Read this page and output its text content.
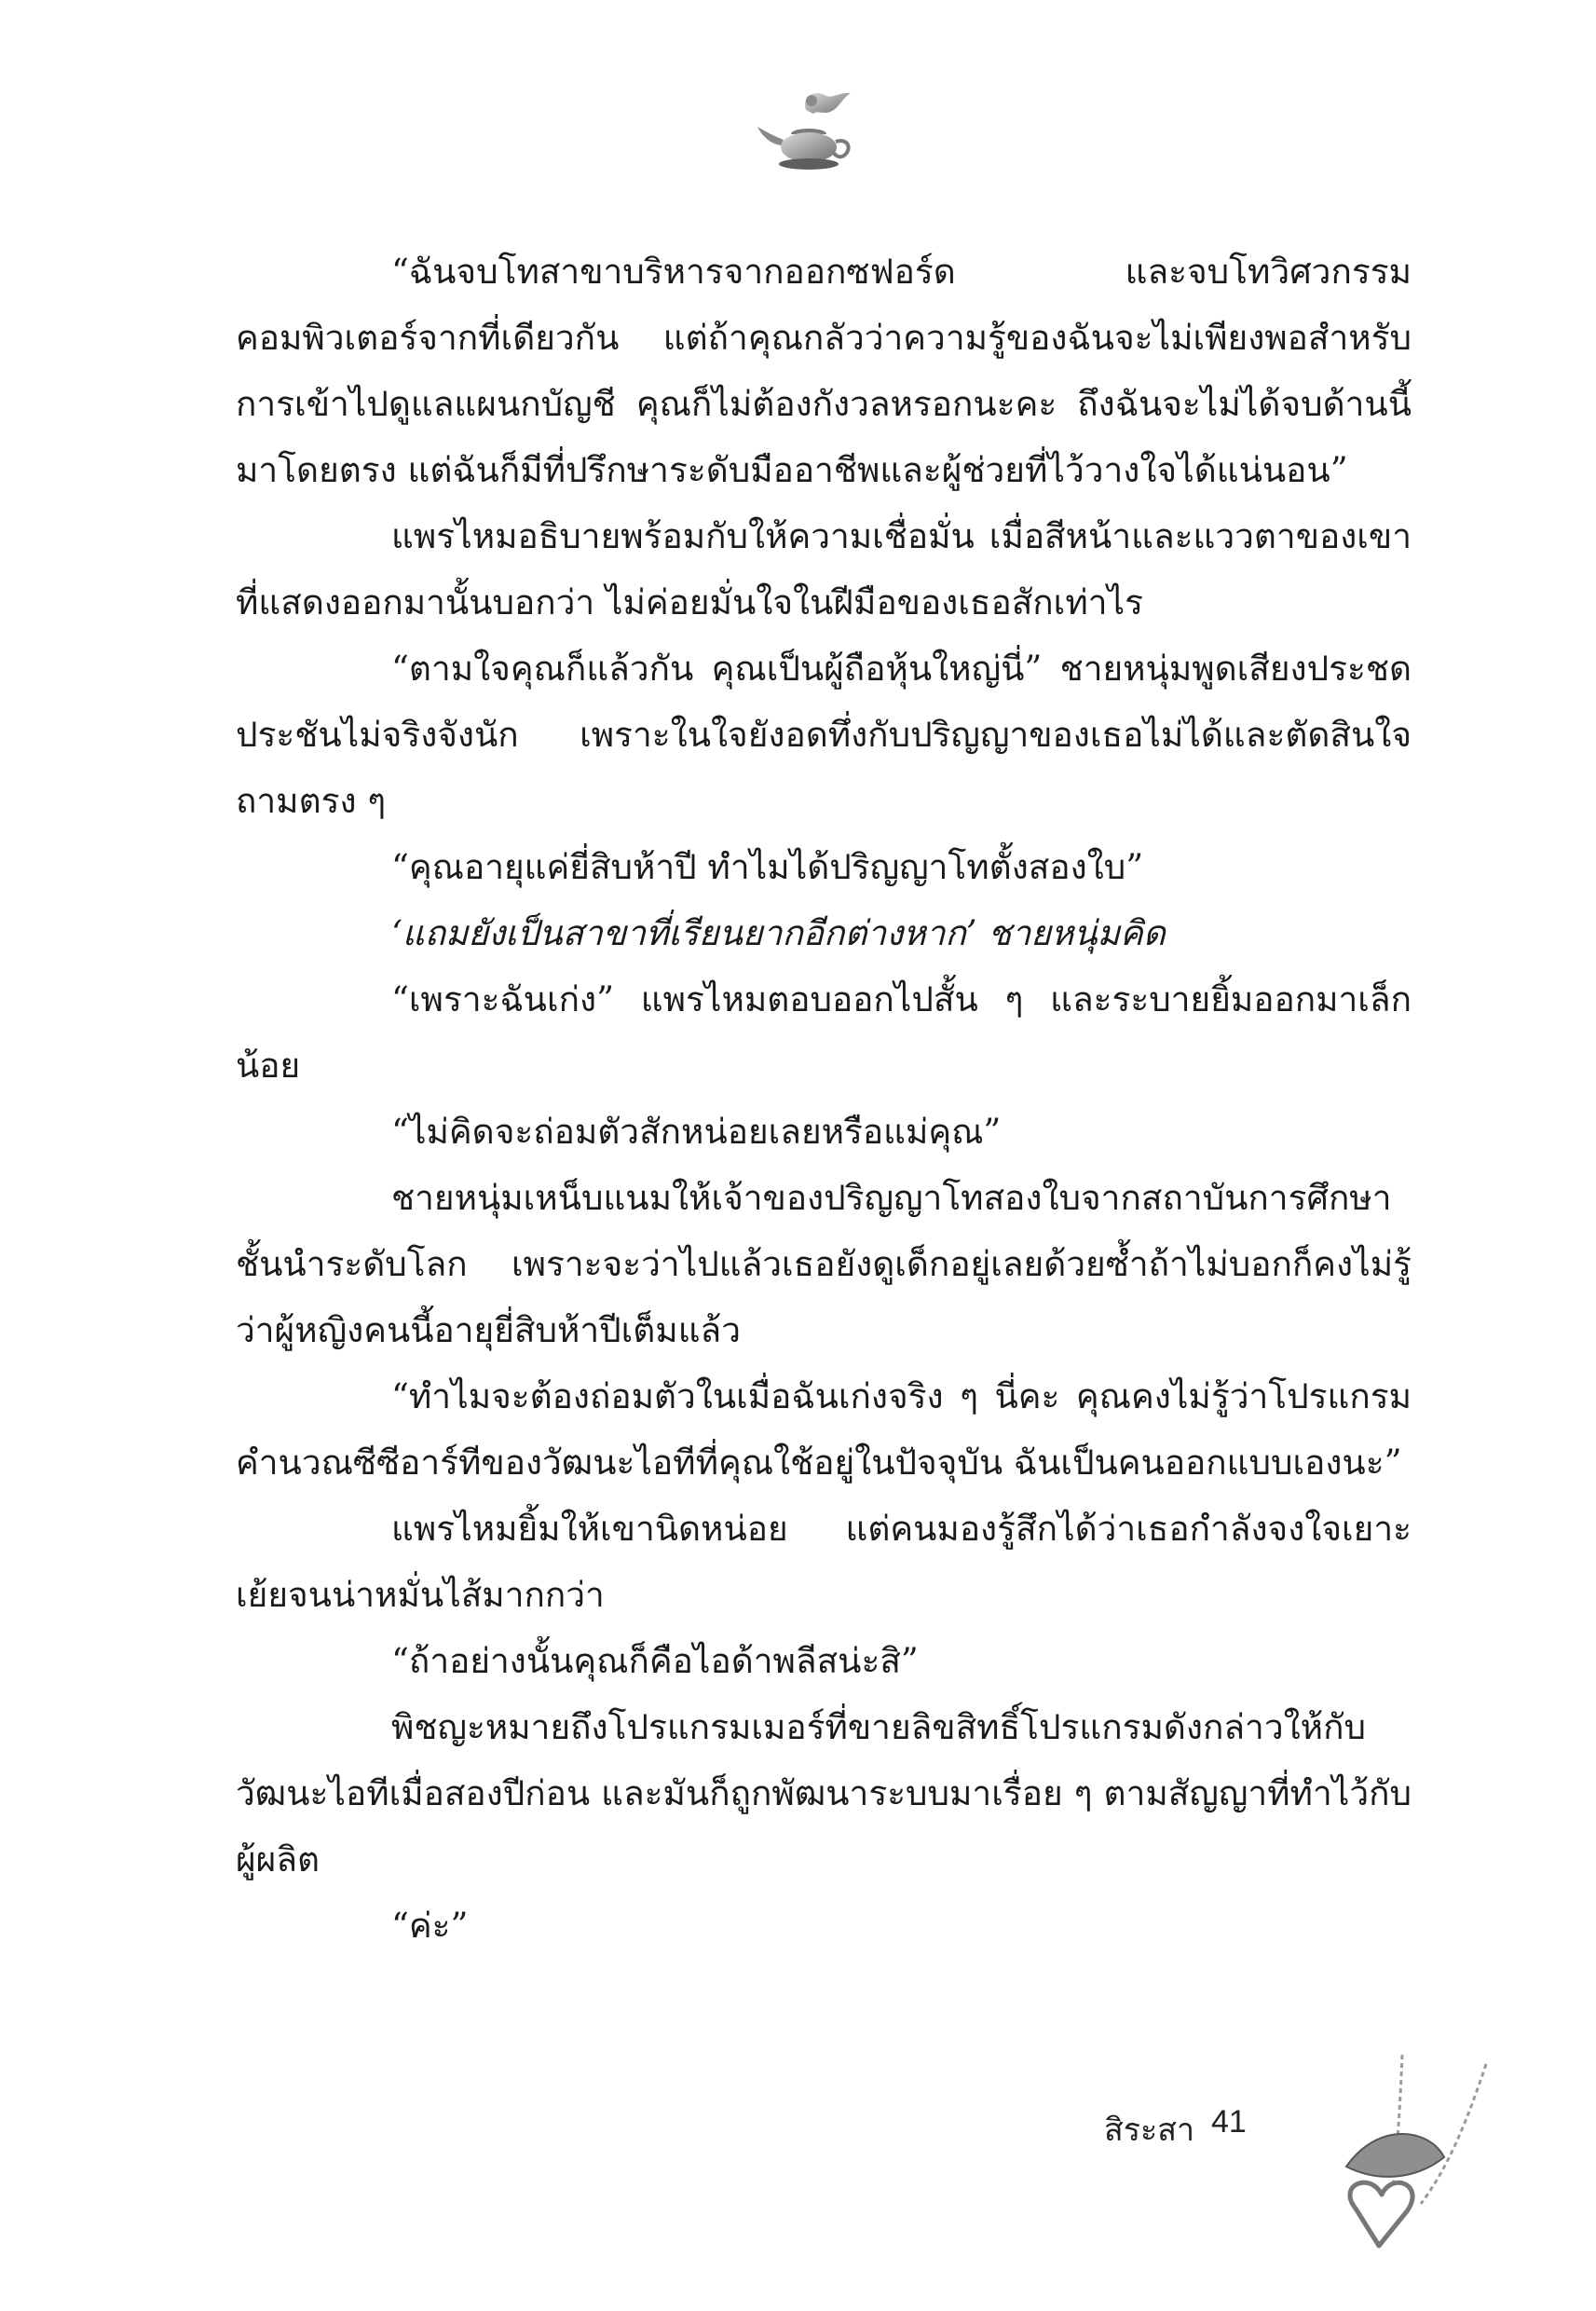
“ฉันจบโทสาขาบริหารจากออกซฟอร์ด และจบโทวิศวกรรมคอมพิวเตอร์จากที่เดียวกัน แต่ถ้าคุณกลัวว่าความรู้ของฉันจะไม่เพียงพอสำหรับการเข้าไปดูแลแผนกบัญชี คุณก็ไม่ต้องกังวลหรอกนะคะ ถึงฉันจะไม่ได้จบด้านนี้มาโดยตรง แต่ฉันก็มีที่ปรึกษาระดับมืออาชีพและผู้ช่วยที่ไว้วางใจได้แน่นอน”

แพรไหมอธิบายพร้อมกับให้ความเชื่อมั่น เมื่อสีหน้าและแววตาของเขาที่แสดงออกมานั้นบอกว่า ไม่ค่อยมั่นใจในฝีมือของเธอสักเท่าไร

“ตามใจคุณก็แล้วกัน คุณเป็นผู้ถือหุ้นใหญ่นี่” ชายหนุ่มพูดเสียงประชดประชันไม่จริงจังนัก เพราะในใจยังอดทึ่งกับปริญญาของเธอไม่ได้และตัดสินใจถามตรง ๆ

“คุณอายุแค่ยี่สิบห้าปี ทำไมได้ปริญญาโทตั้งสองใบ”

‘แถมยังเป็นสาขาที่เรียนยากอีกต่างหาก’ ชายหนุ่มคิด

“เพราะฉันเก่ง” แพรไหมตอบออกไปสั้น ๆ และระบายยิ้มออกมาเล็กน้อย

“ไม่คิดจะถ่อมตัวสักหน่อยเลยหรือแม่คุณ”

ชายหนุ่มเหน็บแนมให้เจ้าของปริญญาโทสองใบจากสถาบันการศึกษาชั้นนำระดับโลก เพราะจะว่าไปแล้วเธอยังดูเด็กอยู่เลยด้วยซ้ำถ้าไม่บอกก็คงไม่รู้ว่าผู้หญิงคนนี้อายุยี่สิบห้าปีเต็มแล้ว

“ทำไมจะต้องถ่อมตัวในเมื่อฉันเก่งจริง ๆ นี่คะ คุณคงไม่รู้ว่าโปรแกรมคำนวณซีซีอาร์ทีของวัฒนะไอทีที่คุณใช้อยู่ในปัจจุบัน ฉันเป็นคนออกแบบเองนะ”

แพรไหมยิ้มให้เขานิดหน่อย แต่คนมองรู้สึกได้ว่าเธอกำลังจงใจเยาะเย้ยจนน่าหมั่นไส้มากกว่า

“ถ้าอย่างนั้นคุณก็คือไอด้าพลีสน่ะสิ”

พิชญะหมายถึงโปรแกรมเมอร์ที่ขายลิขสิทธิ์โปรแกรมดังกล่าวให้กับวัฒนะไอทีเมื่อสองปีก่อน และมันก็ถูกพัฒนาระบบมาเรื่อย ๆ ตามสัญญาที่ทำไว้กับผู้ผลิต

“ค่ะ”

สิระสา 41
